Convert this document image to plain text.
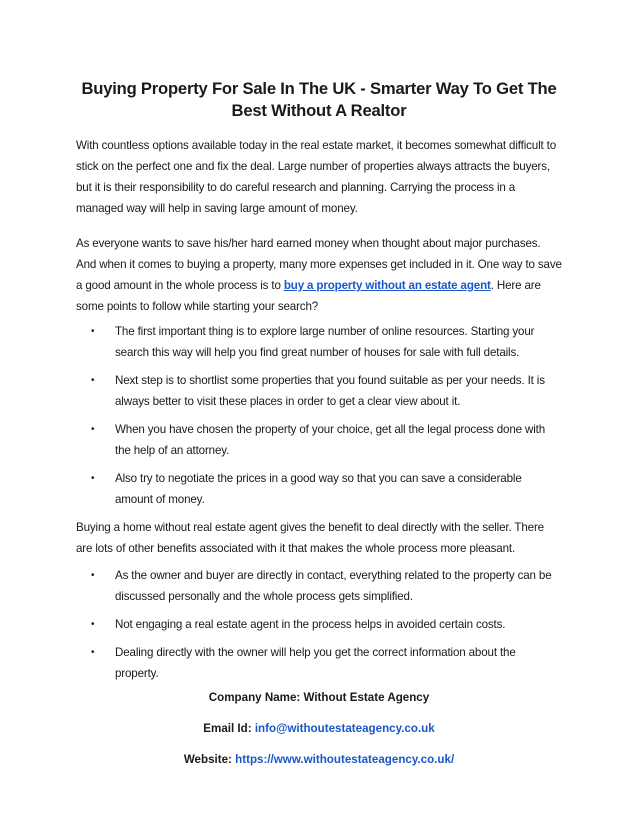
Buying Property For Sale In The UK - Smarter Way To Get The Best Without A Realtor

With countless options available today in the real estate market, it becomes somewhat difficult to stick on the perfect one and fix the deal. Large number of properties always attracts the buyers, but it is their responsibility to do careful research and planning. Carrying the process in a managed way will help in saving large amount of money.

As everyone wants to save his/her hard earned money when thought about major purchases. And when it comes to buying a property, many more expenses get included in it. One way to save a good amount in the whole process is to buy a property without an estate agent. Here are some points to follow while starting your search?

• The first important thing is to explore large number of online resources. Starting your search this way will help you find great number of houses for sale with full details.
• Next step is to shortlist some properties that you found suitable as per your needs. It is always better to visit these places in order to get a clear view about it.
• When you have chosen the property of your choice, get all the legal process done with the help of an attorney.
• Also try to negotiate the prices in a good way so that you can save a considerable amount of money.

Buying a home without real estate agent gives the benefit to deal directly with the seller. There are lots of other benefits associated with it that makes the whole process more pleasant.

• As the owner and buyer are directly in contact, everything related to the property can be discussed personally and the whole process gets simplified.
• Not engaging a real estate agent in the process helps in avoided certain costs.
• Dealing directly with the owner will help you get the correct information about the property.

Company Name: Without Estate Agency

Email Id: info@withoutestateagency.co.uk

Website: https://www.withoutestateagency.co.uk/
